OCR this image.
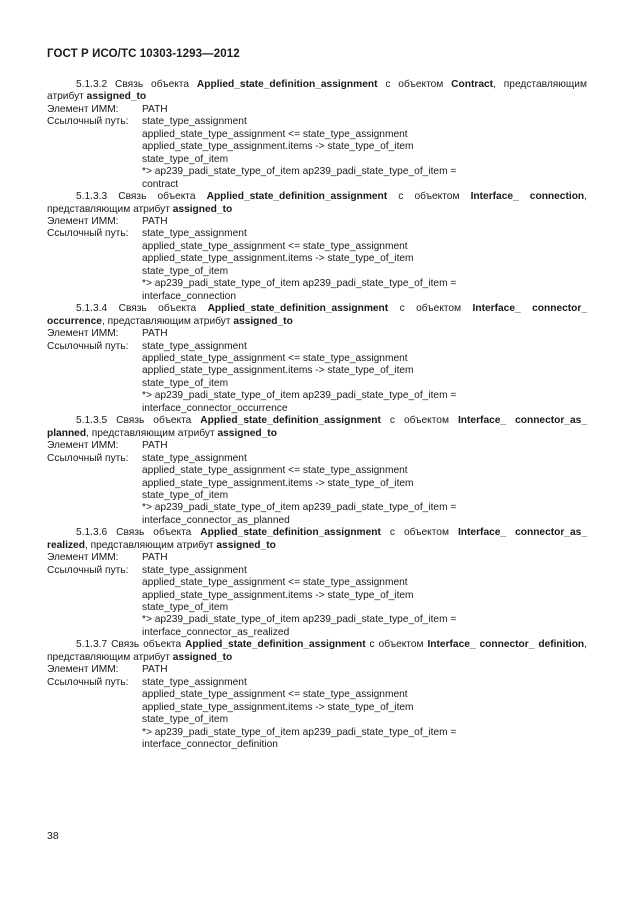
ГОСТ Р ИСО/ТС 10303-1293—2012

5.1.3.2 Связь объекта Applied_state_definition_assignment с объектом Contract, представляющим атрибут assigned_to

Элемент ИММ:	PATH
Ссылочный путь:	state_type_assignment
applied_state_type_assignment <= state_type_assignment
applied_state_type_assignment.items -> state_type_of_item
state_type_of_item
*> ap239_padi_state_type_of_item ap239_padi_state_type_of_item =
contract

5.1.3.3 Связь объекта Applied_state_definition_assignment с объектом Interface_ connection, представляющим атрибут assigned_to

Элемент ИММ:	PATH
Ссылочный путь:	state_type_assignment
applied_state_type_assignment <= state_type_assignment
applied_state_type_assignment.items -> state_type_of_item
state_type_of_item
*> ap239_padi_state_type_of_item ap239_padi_state_type_of_item =
interface_connection

5.1.3.4 Связь объекта Applied_state_definition_assignment с объектом Interface_ connector_ occurrence, представляющим атрибут assigned_to

Элемент ИММ:	PATH
Ссылочный путь:	state_type_assignment
applied_state_type_assignment <= state_type_assignment
applied_state_type_assignment.items -> state_type_of_item
state_type_of_item
*> ap239_padi_state_type_of_item ap239_padi_state_type_of_item =
interface_connector_occurrence

5.1.3.5 Связь объекта Applied_state_definition_assignment с объектом Interface_ connector_as_ planned, представляющим атрибут assigned_to

Элемент ИММ:	PATH
Ссылочный путь:	state_type_assignment
applied_state_type_assignment <= state_type_assignment
applied_state_type_assignment.items -> state_type_of_item
state_type_of_item
*> ap239_padi_state_type_of_item ap239_padi_state_type_of_item =
interface_connector_as_planned

5.1.3.6 Связь объекта Applied_state_definition_assignment с объектом Interface_ connector_as_ realized, представляющим атрибут assigned_to

Элемент ИММ:	PATH
Ссылочный путь:	state_type_assignment
applied_state_type_assignment <= state_type_assignment
applied_state_type_assignment.items -> state_type_of_item
state_type_of_item
*> ap239_padi_state_type_of_item ap239_padi_state_type_of_item =
interface_connector_as_realized

5.1.3.7 Связь объекта Applied_state_definition_assignment с объектом Interface_ connector_ definition, представляющим атрибут assigned_to

Элемент ИММ:	PATH
Ссылочный путь:	state_type_assignment
applied_state_type_assignment <= state_type_assignment
applied_state_type_assignment.items -> state_type_of_item
state_type_of_item
*> ap239_padi_state_type_of_item ap239_padi_state_type_of_item =
interface_connector_definition
38
